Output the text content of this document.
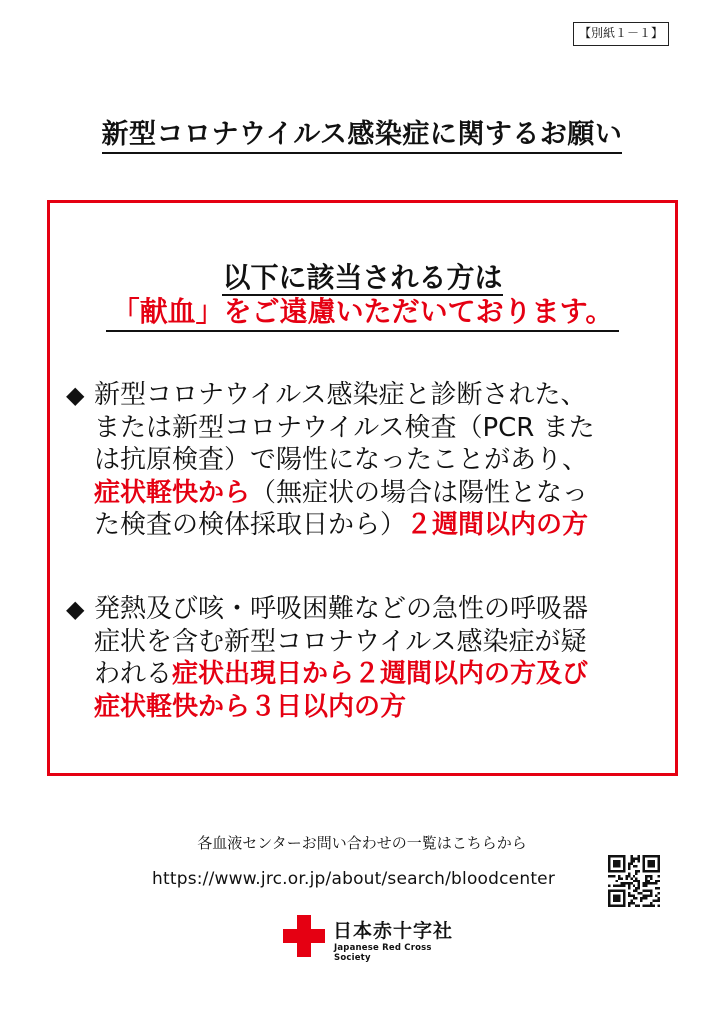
【別紙１－１】
新型コロナウイルス感染症に関するお願い
以下に該当される方は
「献血」をご遠慮いただいております。
◆ 新型コロナウイルス感染症と診断された、
または新型コロナウイルス検査（PCR また
は抗原検査）で陽性になったことがあり、
症状軽快から（無症状の場合は陽性となっ
た検査の検体採取日から）２週間以内の方
◆ 発熱及び咳・呼吸困難などの急性の呼吸器
症状を含む新型コロナウイルス感染症が疑
われる症状出現日から２週間以内の方及び
症状軽快から３日以内の方
各血液センターお問い合わせの一覧はこちらから
https://www.jrc.or.jp/about/search/bloodcenter
日本赤十字社
Japanese Red Cross Society
